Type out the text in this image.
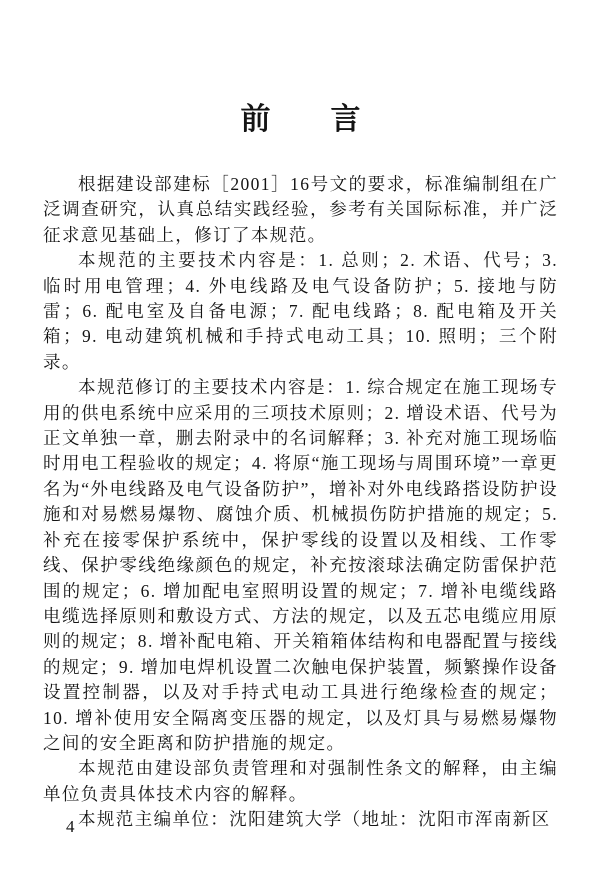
前　　言

根据建设部建标［2001］16号文的要求，标准编制组在广泛调查研究，认真总结实践经验，参考有关国际标准，并广泛征求意见基础上，修订了本规范。

本规范的主要技术内容是：1. 总则；2. 术语、代号；3. 临时用电管理；4. 外电线路及电气设备防护；5. 接地与防雷；6. 配电室及自备电源；7. 配电线路；8. 配电箱及开关箱；9. 电动建筑机械和手持式电动工具；10. 照明；三个附录。

本规范修订的主要技术内容是：1. 综合规定在施工现场专用的供电系统中应采用的三项技术原则；2. 增设术语、代号为正文单独一章，删去附录中的名词解释；3. 补充对施工现场临时用电工程验收的规定；4. 将原“施工现场与周围环境”一章更名为“外电线路及电气设备防护”，增补对外电线路搭设防护设施和对易燃易爆物、腐蚀介质、机械损伤防护措施的规定；5. 补充在接零保护系统中，保护零线的设置以及相线、工作零线、保护零线绝缘颜色的规定，补充按滚球法确定防雷保护范围的规定；6. 增加配电室照明设置的规定；7. 增补电缆线路电缆选择原则和敷设方式、方法的规定，以及五芯电缆应用原则的规定；8. 增补配电箱、开关箱箱体结构和电器配置与接线的规定；9. 增加电焊机设置二次触电保护装置，频繁操作设备设置控制器，以及对手持式电动工具进行绝缘检查的规定；10. 增补使用安全隔离变压器的规定，以及灯具与易燃易爆物之间的安全距离和防护措施的规定。

本规范由建设部负责管理和对强制性条文的解释，由主编单位负责具体技术内容的解释。

本规范主编单位：沈阳建筑大学（地址：沈阳市浑南新区

4
